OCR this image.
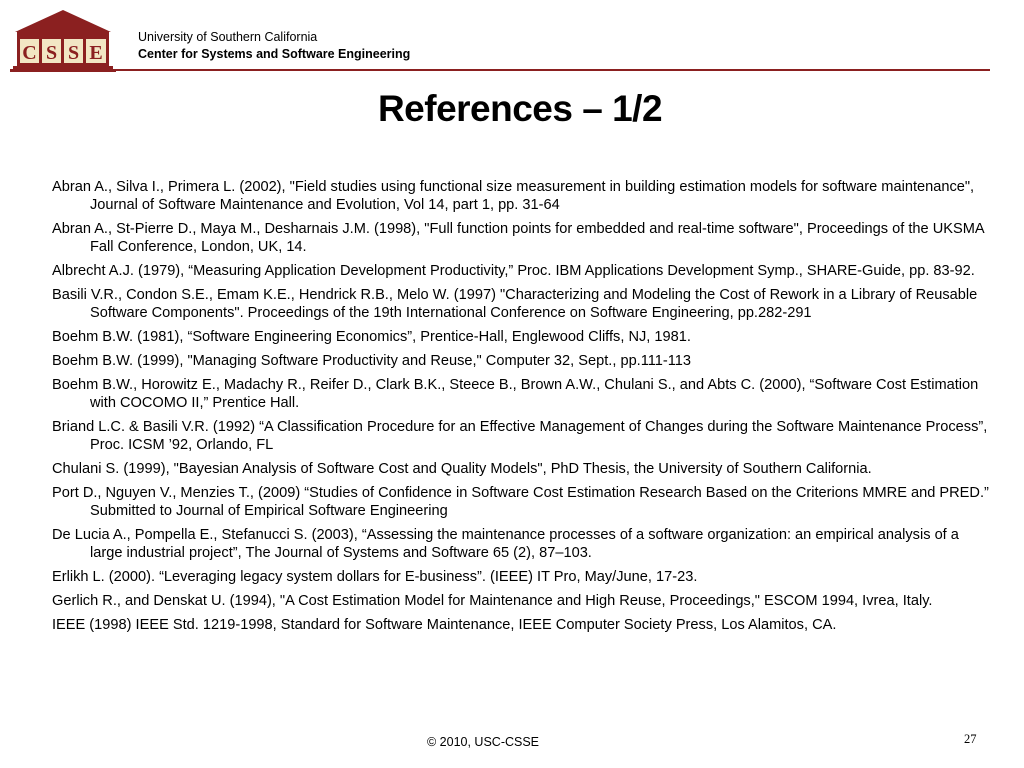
C S S E
University of Southern California
Center for Systems and Software Engineering
References – 1/2

Abran A., Silva I., Primera L. (2002), "Field studies using functional size measurement in building estimation models for software maintenance", Journal of Software Maintenance and Evolution, Vol 14, part 1, pp. 31-64

Abran A., St-Pierre D., Maya M., Desharnais J.M. (1998), "Full function points for embedded and real-time software", Proceedings of the UKSMA Fall Conference, London, UK, 14.

Albrecht A.J. (1979), “Measuring Application Development Productivity,” Proc. IBM Applications Development Symp., SHARE-Guide, pp. 83-92.

Basili V.R., Condon S.E., Emam K.E., Hendrick R.B., Melo W. (1997) "Characterizing and Modeling the Cost of Rework in a Library of Reusable Software Components". Proceedings of the 19th International Conference on Software Engineering, pp.282-291

Boehm B.W. (1981), “Software Engineering Economics”, Prentice-Hall, Englewood Cliffs, NJ, 1981.

Boehm B.W. (1999), "Managing Software Productivity and Reuse," Computer 32, Sept., pp.111-113

Boehm B.W., Horowitz E., Madachy R., Reifer D., Clark B.K., Steece B., Brown A.W., Chulani S., and Abts C. (2000), “Software Cost Estimation with COCOMO II,” Prentice Hall.

Briand L.C. & Basili V.R. (1992) “A Classification Procedure for an Effective Management of Changes during the Software Maintenance Process”, Proc. ICSM ’92, Orlando, FL

Chulani S. (1999), "Bayesian Analysis of Software Cost and Quality Models", PhD Thesis, the University of Southern California.

Port D., Nguyen V., Menzies T., (2009) “Studies of Confidence in Software Cost Estimation Research Based on the Criterions MMRE and PRED.” Submitted to Journal of Empirical Software Engineering

De Lucia A., Pompella E., Stefanucci S. (2003), “Assessing the maintenance processes of a software organization: an empirical analysis of a large industrial project”, The Journal of Systems and Software 65 (2), 87–103.

Erlikh L. (2000). “Leveraging legacy system dollars for E-business”. (IEEE) IT Pro, May/June, 17-23.

Gerlich R., and Denskat U. (1994), "A Cost Estimation Model for Maintenance and High Reuse, Proceedings," ESCOM 1994, Ivrea, Italy.

IEEE (1998) IEEE Std. 1219-1998, Standard for Software Maintenance, IEEE Computer Society Press, Los Alamitos, CA.

© 2010, USC-CSSE	27
